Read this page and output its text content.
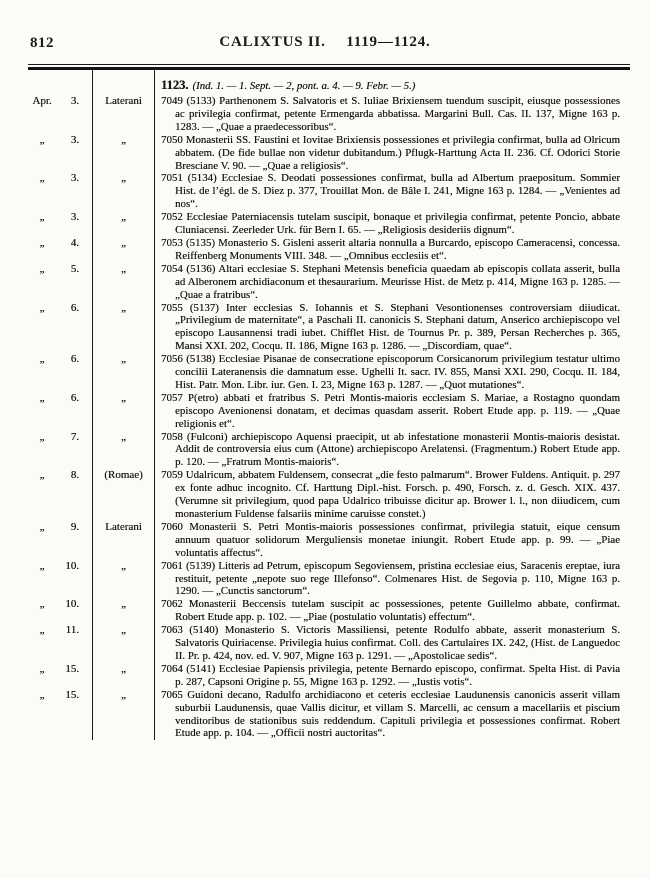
812	CALIXTUS II. 1119—1124.
1123. (Ind. 1. — 1. Sept. — 2, pont. a. 4. — 9. Febr. — 5.)
Apr.	3.	Laterani	7049 (5133) Parthenonem S. Salvatoris et S. Iuliae Brixiensem tuendum suscipit, eiusque possessiones ac privilegia confirmat, petente Ermengarda abbatissa. Margarini Bull. Cas. II. 137, Migne 163 p. 1283. — „Quae a praedecessoribus“.

„	3.	„	7050 Monasterii SS. Faustini et Iovitae Brixiensis possessiones et privilegia confirmat, bulla ad Olricum abbatem. (De fide bullae non videtur dubitandum.) Pflugk-Harttung Acta II. 236. Cf. Odorici Storie Bresciane V. 90. — „Quae a religiosis“.

„	3.	„	7051 (5134) Ecclesiae S. Deodati possessiones confirmat, bulla ad Albertum praepositum. Sommier Hist. de l’égl. de S. Diez p. 377, Trouillat Mon. de Bâle I. 241, Migne 163 p. 1284. — „Venientes ad nos“.

„	3.	„	7052 Ecclesiae Paterniacensis tutelam suscipit, bonaque et privilegia confirmat, petente Poncio, abbate Cluniacensi. Zeerleder Urk. für Bern I. 65. — „Religiosis desideriis dignum“.

„	4.	„	7053 (5135) Monasterio S. Gisleni asserit altaria nonnulla a Burcardo, episcopo Cameracensi, concessa. Reiffenberg Monuments VIII. 348. — „Omnibus ecclesiis et“.

„	5.	„	7054 (5136) Altari ecclesiae S. Stephani Metensis beneficia quaedam ab episcopis collata asserit, bulla ad Alberonem archidiaconum et thesaurarium. Meurisse Hist. de Metz p. 414, Migne 163 p. 1285. — „Quae a fratribus“.

„	6.	„	7055 (5137) Inter ecclesias S. Iohannis et S. Stephani Vesontionenses controversiam diiudicat. „Privilegium de maternitate“, a Paschali II. canonicis S. Stephani datum, Anserico archiepiscopo vel episcopo Lausannensi tradi iubet. Chifflet Hist. de Tournus Pr. p. 389, Persan Recherches p. 365, Mansi XXI. 202, Cocqu. II. 186, Migne 163 p. 1286. — „Discordiam, quae“.

„	6.	„	7056 (5138) Ecclesiae Pisanae de consecratione episcoporum Corsicanorum privilegium testatur ultimo concilii Lateranensis die damnatum esse. Ughelli It. sacr. IV. 855, Mansi XXI. 290, Cocqu. II. 184, Hist. Patr. Mon. Libr. iur. Gen. I. 23, Migne 163 p. 1287. — „Quot mutationes“.

„	6.	„	7057 P(etro) abbati et fratribus S. Petri Montis-maioris ecclesiam S. Mariae, a Rostagno quondam episcopo Avenionensi donatam, et decimas quasdam asserit. Robert Etude app. p. 119. — „Quae religionis et“.

„	7.	„	7058 (Fulconi) archiepiscopo Aquensi praecipit, ut ab infestatione monasterii Montis-maioris desistat. Addit de controversia eius cum (Attone) archiepiscopo Arelatensi. (Fragmentum.) Robert Etude app. p. 120. — „Fratrum Montis-maioris“.

„	8.	(Romae)	7059 Udalricum, abbatem Fuldensem, consecrat „die festo palmarum“. Brower Fuldens. Antiquit. p. 297 ex fonte adhuc incognito. Cf. Harttung Dipl.-hist. Forsch. p. 490, Forsch. z. d. Gesch. XIX. 437. (Verumne sit privilegium, quod papa Udalrico tribuisse dicitur ap. Brower l. l., non diiudicem, cum monasterium Fuldense falsariis minime caruisse constet.)

„	9.	Laterani	7060 Monasterii S. Petri Montis-maioris possessiones confirmat, privilegia statuit, eique censum annuum quatuor solidorum Merguliensis monetae iniungit. Robert Etude app. p. 99. — „Piae voluntatis affectus“.

„	10.	„	7061 (5139) Litteris ad Petrum, episcopum Segoviensem, pristina ecclesiae eius, Saracenis ereptae, iura restituit, petente „nepote suo rege Illefonso“. Colmenares Hist. de Segovia p. 110, Migne 163 p. 1290. — „Cunctis sanctorum“.

„	10.	„	7062 Monasterii Beccensis tutelam suscipit ac possessiones, petente Guillelmo abbate, confirmat. Robert Etude app. p. 102. — „Piae (postulatio voluntatis) effectum“.

„	11.	„	7063 (5140) Monasterio S. Victoris Massiliensi, petente Rodulfo abbate, asserit monasterium S. Salvatoris Quiriacense. Privilegia huius confirmat. Coll. des Cartulaires IX. 242, (Hist. de Languedoc II. Pr. p. 424, nov. ed. V. 907, Migne 163 p. 1291. — „Apostolicae sedis“.

„	15.	„	7064 (5141) Ecclesiae Papiensis privilegia, petente Bernardo episcopo, confirmat. Spelta Hist. di Pavia p. 287, Capsoni Origine p. 55, Migne 163 p. 1292. — „Iustis votis“.

„	15.	„	7065 Guidoni decano, Radulfo archidiacono et ceteris ecclesiae Laudunensis canonicis asserit villam suburbii Laudunensis, quae Vallis dicitur, et villam S. Marcelli, ac censum a macellariis et piscium venditoribus de stationibus suis reddendum. Capituli privilegia et possessiones confirmat. Robert Etude app. p. 104. — „Officii nostri auctoritas“.
